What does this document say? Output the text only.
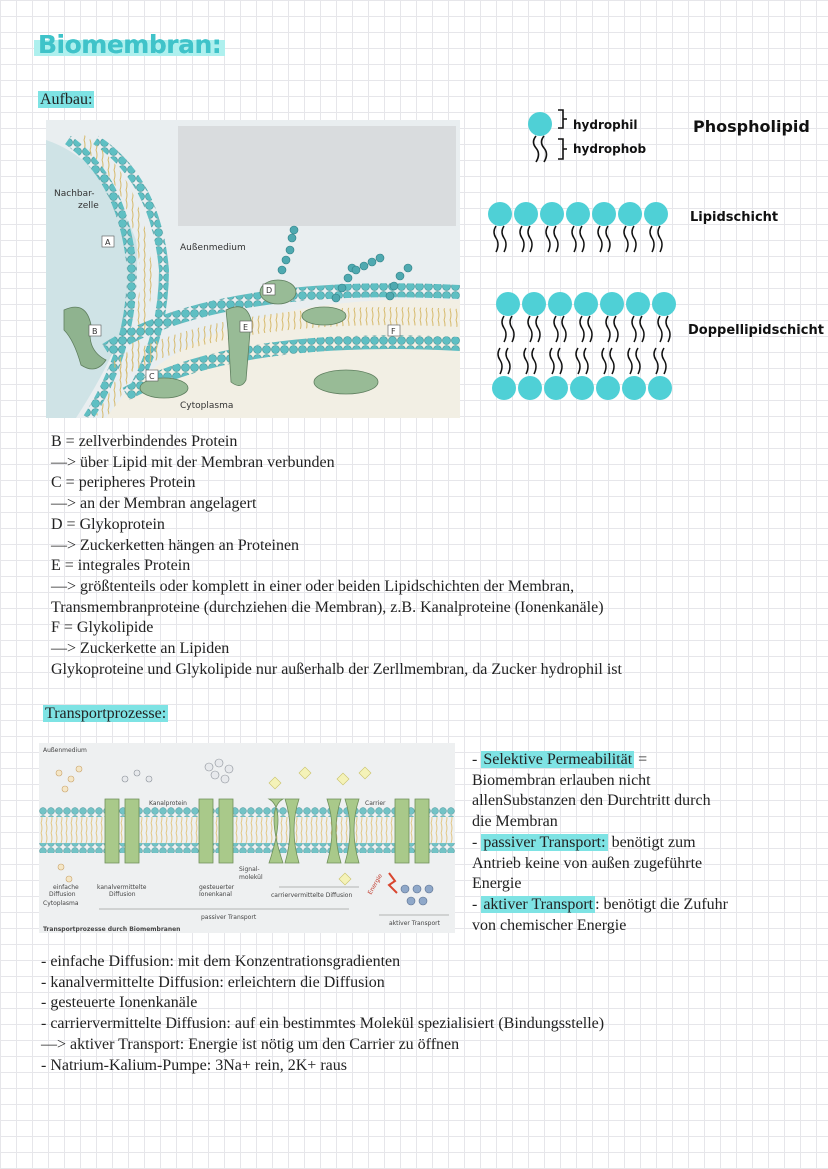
Biomembran:
Aufbau:
Nachbar-
zelle
Außenmedium
Cytoplasma
A
B
C
D
E	F
hydrophil
hydrophob
Phospholipid
Lipidschicht
Doppellipidschicht
B = zellverbindendes Protein
—> über Lipid mit der Membran verbunden
C = peripheres Protein
—> an der Membran angelagert
D = Glykoprotein
—> Zuckerketten hängen an Proteinen
E = integrales Protein
—> größtenteils oder komplett in einer oder beiden Lipidschichten der Membran,
Transmembranproteine (durchziehen die Membran), z.B. Kanalproteine (Ionenkanäle)
F = Glykolipide
—> Zuckerkette an Lipiden
Glykoproteine und Glykolipide nur außerhalb der Zerllmembran, da Zucker hydrophil ist
Transportprozesse:
Außenmedium
Kanalprotein	Carrier
Signal-
molekül
einfache
Diffusion
kanalvermittelte
Diffusion
gesteuerter
Ionenkanal	carriervermittelte Diffusion Energie
Cytoplasma
passiver Transport
aktiver Transport
Transportprozesse durch Biomembranen
- Selektive Permeabilität =
Biomembran erlauben nicht
allenSubstanzen den Durchtritt durch
die Membran
- passiver Transport: benötigt zum
Antrieb keine von außen zugeführte
Energie
- aktiver Transport : benötigt die Zufuhr
von chemischer Energie
- einfache Diffusion: mit dem Konzentrationsgradienten
- kanalvermittelte Diffusion: erleichtern die Diffusion
- gesteuerte Ionenkanäle
- carriervermittelte Diffusion: auf ein bestimmtes Molekül spezialisiert (Bindungsstelle)
—> aktiver Transport: Energie ist nötig um den Carrier zu öffnen
- Natrium-Kalium-Pumpe: 3Na+ rein, 2K+ raus
